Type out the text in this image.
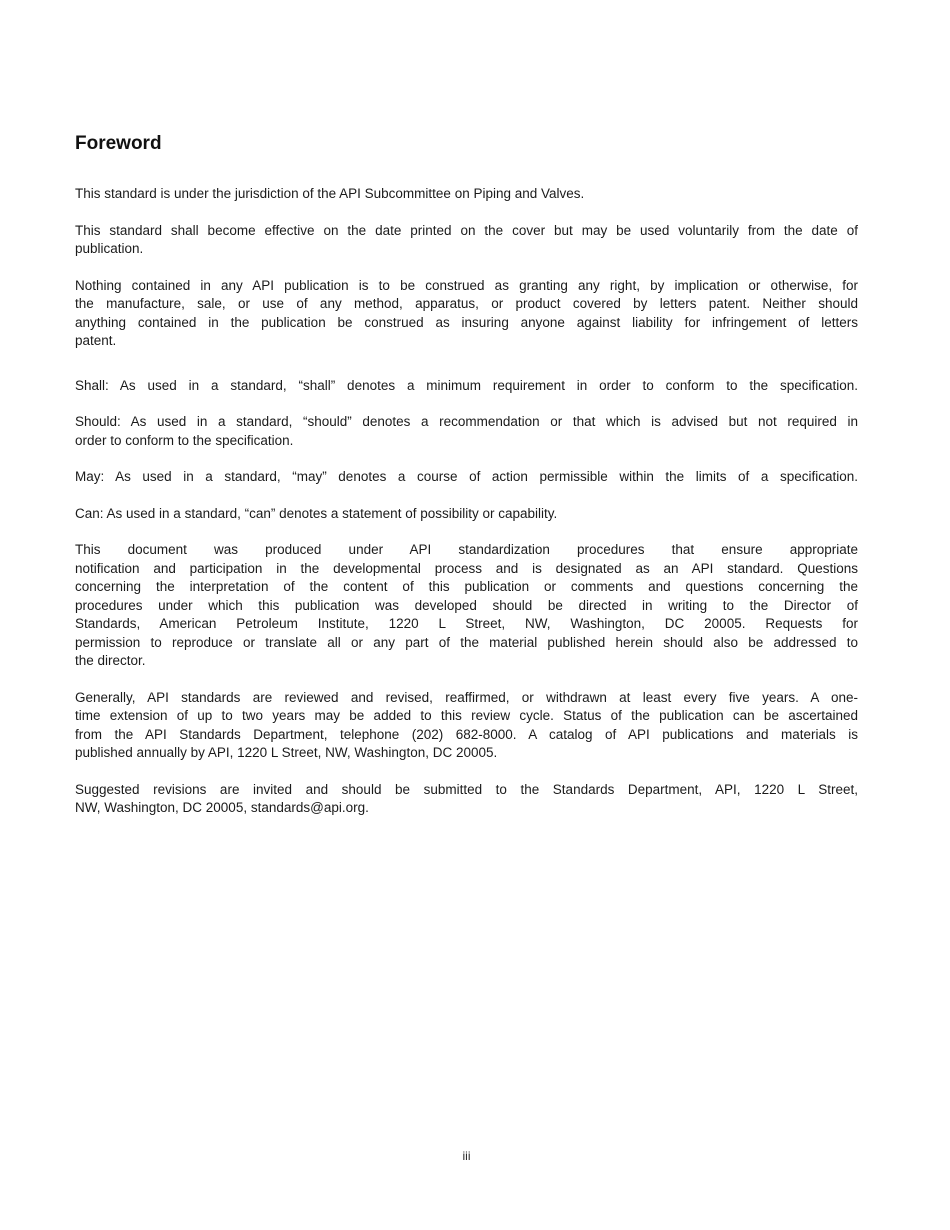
Foreword

This standard is under the jurisdiction of the API Subcommittee on Piping and Valves.

This standard shall become effective on the date printed on the cover but may be used voluntarily from the date of
publication.

Nothing contained in any API publication is to be construed as granting any right, by implication or otherwise, for
the manufacture, sale, or use of any method, apparatus, or product covered by letters patent. Neither should
anything contained in the publication be construed as insuring anyone against liability for infringement of letters
patent.

Shall: As used in a standard, “shall” denotes a minimum requirement in order to conform to the specification.

Should: As used in a standard, “should” denotes a recommendation or that which is advised but not required in
order to conform to the specification.

May: As used in a standard, “may” denotes a course of action permissible within the limits of a specification.

Can: As used in a standard, “can” denotes a statement of possibility or capability.

This document was produced under API standardization procedures that ensure appropriate
notification and participation in the developmental process and is designated as an API standard. Questions
concerning the interpretation of the content of this publication or comments and questions concerning the
procedures under which this publication was developed should be directed in writing to the Director of
Standards, American Petroleum Institute, 1220 L Street, NW, Washington, DC 20005. Requests for
permission to reproduce or translate all or any part of the material published herein should also be addressed to
the director.

Generally, API standards are reviewed and revised, reaffirmed, or withdrawn at least every five years. A one-
time extension of up to two years may be added to this review cycle. Status of the publication can be ascertained
from the API Standards Department, telephone (202) 682-8000. A catalog of API publications and materials is
published annually by API, 1220 L Street, NW, Washington, DC 20005.

Suggested revisions are invited and should be submitted to the Standards Department, API, 1220 L Street,
NW, Washington, DC 20005, standards@api.org.

iii
